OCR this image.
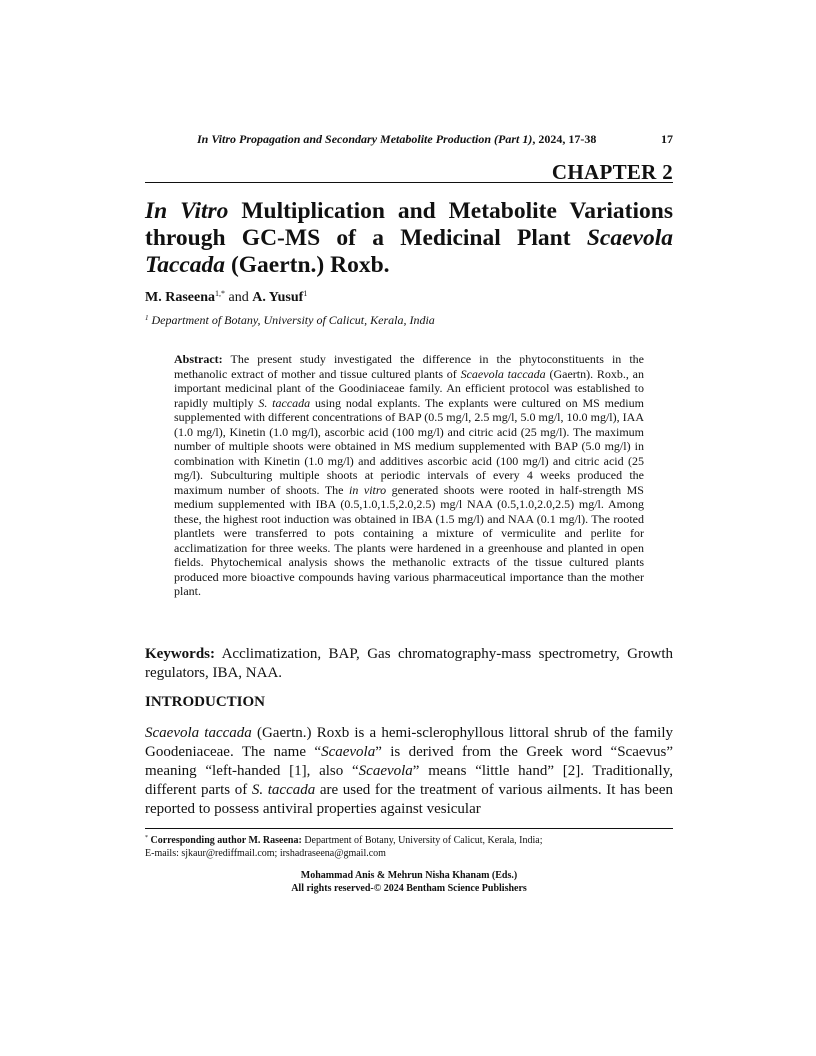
In Vitro Propagation and Secondary Metabolite Production (Part 1), 2024, 17-38	17
CHAPTER 2
In Vitro Multiplication and Metabolite Variations through GC-MS of a Medicinal Plant Scaevola Taccada (Gaertn.) Roxb.
M. Raseena$^{1,*}$ and A. Yusuf$^1$
$^1$ Department of Botany, University of Calicut, Kerala, India

Abstract: The present study investigated the difference in the phytoconstituents in the methanolic extract of mother and tissue cultured plants of Scaevola taccada (Gaertn). Roxb., an important medicinal plant of the Goodiniaceae family. An efficient protocol was established to rapidly multiply S. taccada using nodal explants. The explants were cultured on MS medium supplemented with different concentrations of BAP (0.5 mg/l, 2.5 mg/l, 5.0 mg/l, 10.0 mg/l), IAA (1.0 mg/l), Kinetin (1.0 mg/l), ascorbic acid (100 mg/l) and citric acid (25 mg/l). The maximum number of multiple shoots were obtained in MS medium supplemented with BAP (5.0 mg/l) in combination with Kinetin (1.0 mg/l) and additives ascorbic acid (100 mg/l) and citric acid (25 mg/l). Subculturing multiple shoots at periodic intervals of every 4 weeks produced the maximum number of shoots. The in vitro generated shoots were rooted in half-strength MS medium supplemented with IBA (0.5,1.0,1.5,2.0,2.5) mg/l NAA (0.5,1.0,2.0,2.5) mg/l. Among these, the highest root induction was obtained in IBA (1.5 mg/l) and NAA (0.1 mg/l). The rooted plantlets were transferred to pots containing a mixture of vermiculite and perlite for acclimatization for three weeks. The plants were hardened in a greenhouse and planted in open fields. Phytochemical analysis shows the methanolic extracts of the tissue cultured plants produced more bioactive compounds having various pharmaceutical importance than the mother plant.

Keywords: Acclimatization, BAP, Gas chromatography-mass spectrometry, Growth regulators, IBA, NAA.

INTRODUCTION

Scaevola taccada (Gaertn.) Roxb is a hemi-sclerophyllous littoral shrub of the family Goodeniaceae. The name “Scaevola” is derived from the Greek word “Scaevus” meaning “left-handed [1], also “Scaevola” means “little hand” [2]. Traditionally, different parts of S. taccada are used for the treatment of various ailments. It has been reported to possess antiviral properties against vesicular

* Corresponding author M. Raseena: Department of Botany, University of Calicut, Kerala, India;
E-mails: sjkaur@rediffmail.com; irshadraseena@gmail.com

Mohammad Anis & Mehrun Nisha Khanam (Eds.)
All rights reserved-© 2024 Bentham Science Publishers
